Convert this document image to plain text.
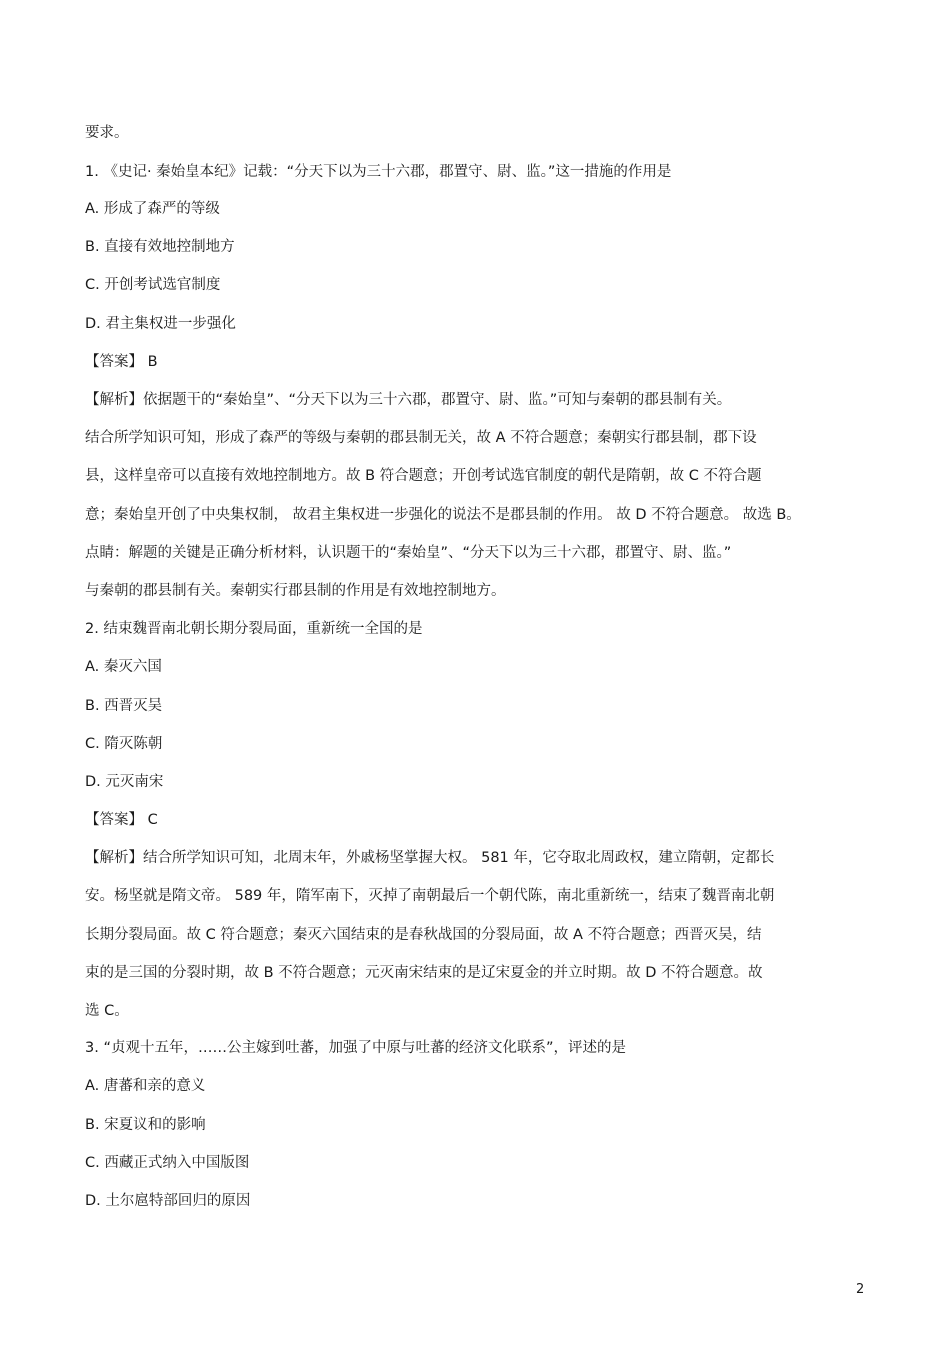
要求。
1. 《史记· 秦始皇本纪》记载：“分天下以为三十六郡，郡置守、尉、监。”这一措施的作用是
A. 形成了森严的等级
B. 直接有效地控制地方
C. 开创考试选官制度
D. 君主集权进一步强化
【答案】 B
【解析】依据题干的“秦始皇”、“分天下以为三十六郡，郡置守、尉、监。”可知与秦朝的郡县制有关。
结合所学知识可知，形成了森严的等级与秦朝的郡县制无关，故 A 不符合题意；秦朝实行郡县制，郡下设
县，这样皇帝可以直接有效地控制地方。故 B 符合题意；开创考试选官制度的朝代是隋朝，故 C 不符合题
意；秦始皇开创了中央集权制， 故君主集权进一步强化的说法不是郡县制的作用。 故 D 不符合题意。 故选 B。
点睛：解题的关键是正确分析材料，认识题干的“秦始皇”、“分天下以为三十六郡，郡置守、尉、监。”
与秦朝的郡县制有关。秦朝实行郡县制的作用是有效地控制地方。
2. 结束魏晋南北朝长期分裂局面，重新统一全国的是
A. 秦灭六国
B. 西晋灭吴
C. 隋灭陈朝
D. 元灭南宋
【答案】 C
【解析】结合所学知识可知，北周末年，外戚杨坚掌握大权。 581 年，它夺取北周政权，建立隋朝，定都长
安。杨坚就是隋文帝。 589 年，隋军南下，灭掉了南朝最后一个朝代陈，南北重新统一，结束了魏晋南北朝
长期分裂局面。故 C 符合题意；秦灭六国结束的是春秋战国的分裂局面，故 A 不符合题意；西晋灭吴，结
束的是三国的分裂时期，故 B 不符合题意；元灭南宋结束的是辽宋夏金的并立时期。故 D 不符合题意。故
选 C。
3. “贞观十五年，……公主嫁到吐蕃，加强了中原与吐蕃的经济文化联系”，评述的是
A. 唐蕃和亲的意义
B. 宋夏议和的影响
C. 西藏正式纳入中国版图
D. 土尔扈特部回归的原因
2
